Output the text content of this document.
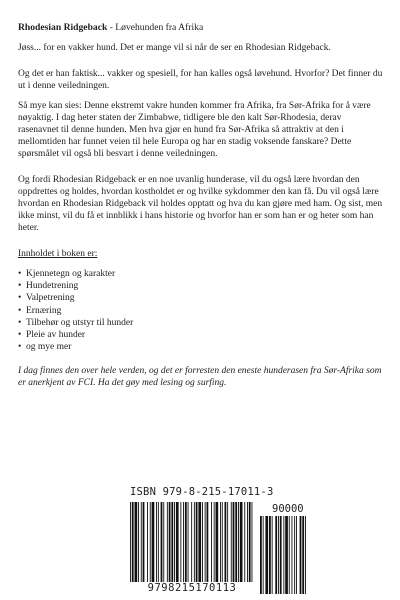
Rhodesian Ridgeback - Løvehunden fra Afrika

Jøss... for en vakker hund. Det er mange vil si når de ser en Rhodesian Ridgeback.

Og det er han faktisk... vakker og spesiell, for han kalles også løvehund. Hvorfor? Det finner du ut i denne veiledningen.

Så mye kan sies: Denne ekstremt vakre hunden kommer fra Afrika, fra Sør-Afrika for å være nøyaktig. I dag heter staten der Zimbabwe, tidligere ble den kalt Sør-Rhodesia, derav rasenavnet til denne hunden. Men hva gjør en hund fra Sør-Afrika så attraktiv at den i mellomtiden har funnet veien til hele Europa og har en stadig voksende fanskare? Dette spørsmålet vil også bli besvart i denne veiledningen.

Og fordi Rhodesian Ridgeback er en noe uvanlig hunderase, vil du også lære hvordan den oppdrettes og holdes, hvordan kostholdet er og hvilke sykdommer den kan få. Du vil også lære hvordan en Rhodesian Ridgeback vil holdes opptatt og hva du kan gjøre med ham. Og sist, men ikke minst, vil du få et innblikk i hans historie og hvorfor han er som han er og heter som han heter.

Innholdet i boken er:
• Kjennetegn og karakter
• Hundetrening
• Valpetrening
• Ernæring
• Tilbehør og utstyr til hunder
• Pleie av hunder
• og mye mer
I dag finnes den over hele verden, og det er forresten den eneste hunderasen fra Sør-Afrika som er anerkjent av FCI. Ha det gøy med lesing og surfing.
ISBN 979-8-215-17011-3
90000
9798215170113
